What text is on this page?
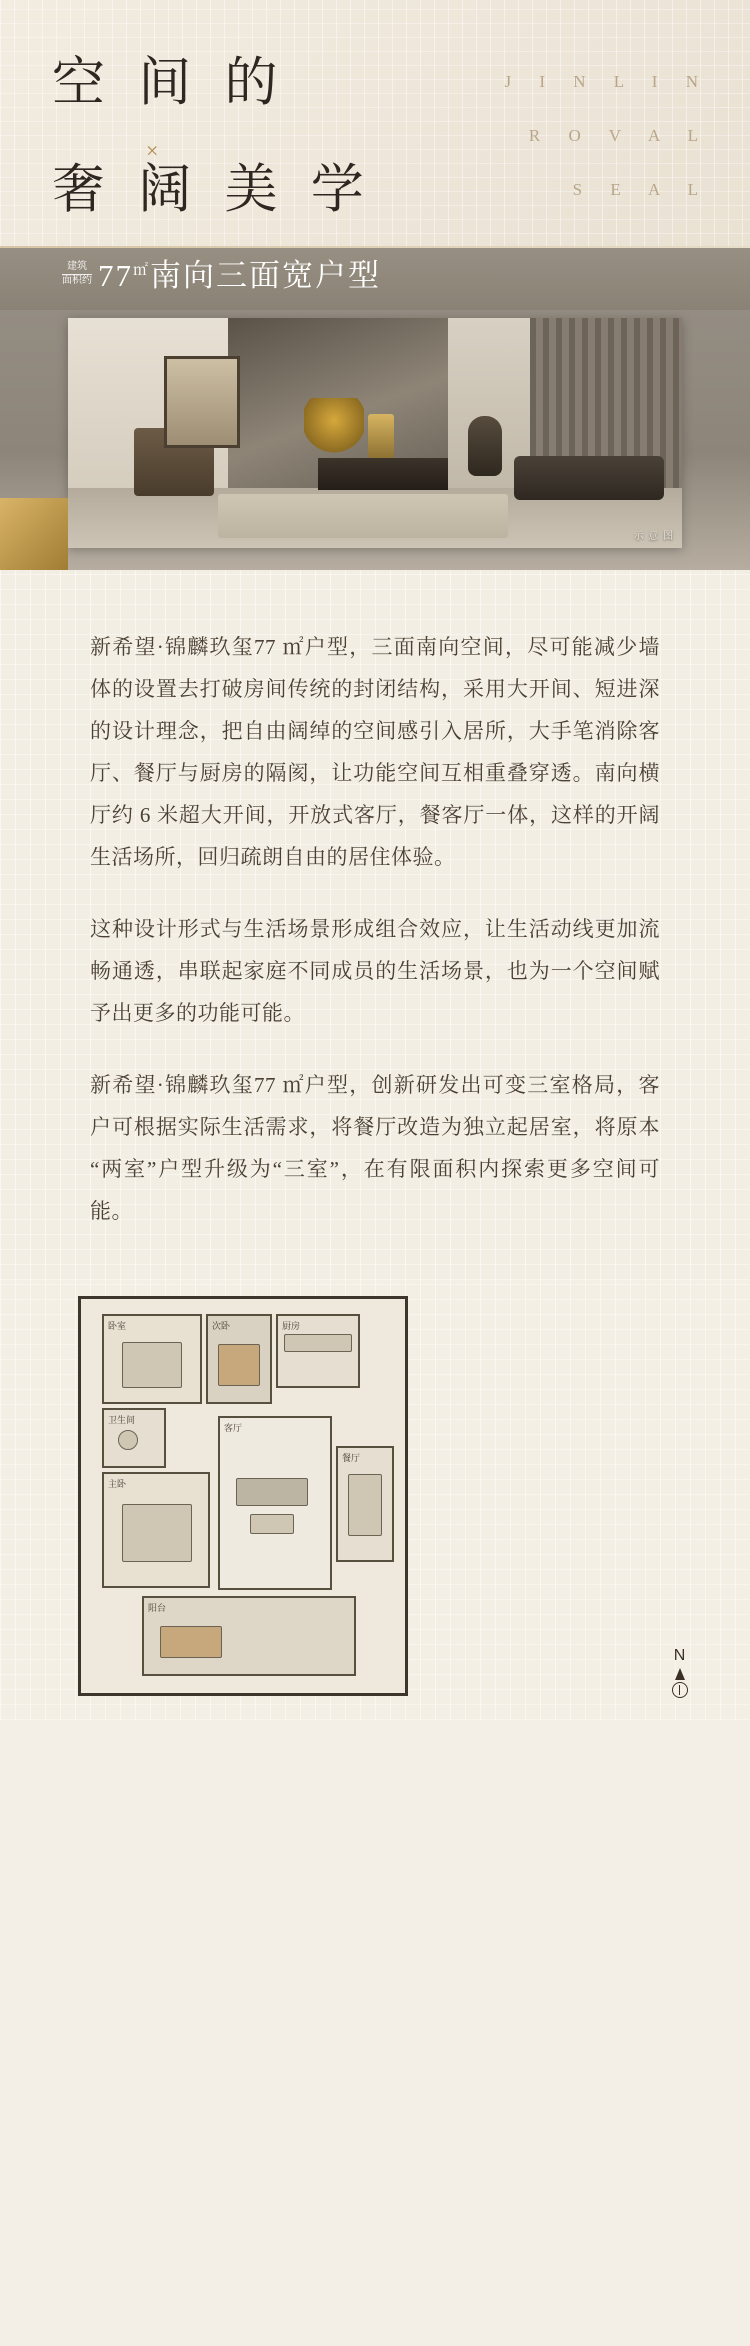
空 间 的
奢 阔 美 学
×
J I N L I N
R O V A L
S E A L
建筑
面积约 77㎡南向三面宽户型
示 意 图
新希望·锦麟玖玺77 ㎡户型，三面南向空间，尽可能减少墙体的设置去打破房间传统的封闭结构，采用大开间、短进深的设计理念，把自由阔绰的空间感引入居所，大手笔消除客厅、餐厅与厨房的隔阂，让功能空间互相重叠穿透。南向横厅约 6 米超大开间，开放式客厅，餐客厅一体，这样的开阔生活场所，回归疏朗自由的居住体验。
这种设计形式与生活场景形成组合效应，让生活动线更加流畅通透，串联起家庭不同成员的生活场景，也为一个空间赋予出更多的功能可能。
新希望·锦麟玖玺77 ㎡户型，创新研发出可变三室格局，客户可根据实际生活需求，将餐厅改造为独立起居室，将原本“两室”户型升级为“三室”，在有限面积内探索更多空间可能。
卧室	次卧	厨房
卫生间
主卧
客厅
餐厅
阳台
N
